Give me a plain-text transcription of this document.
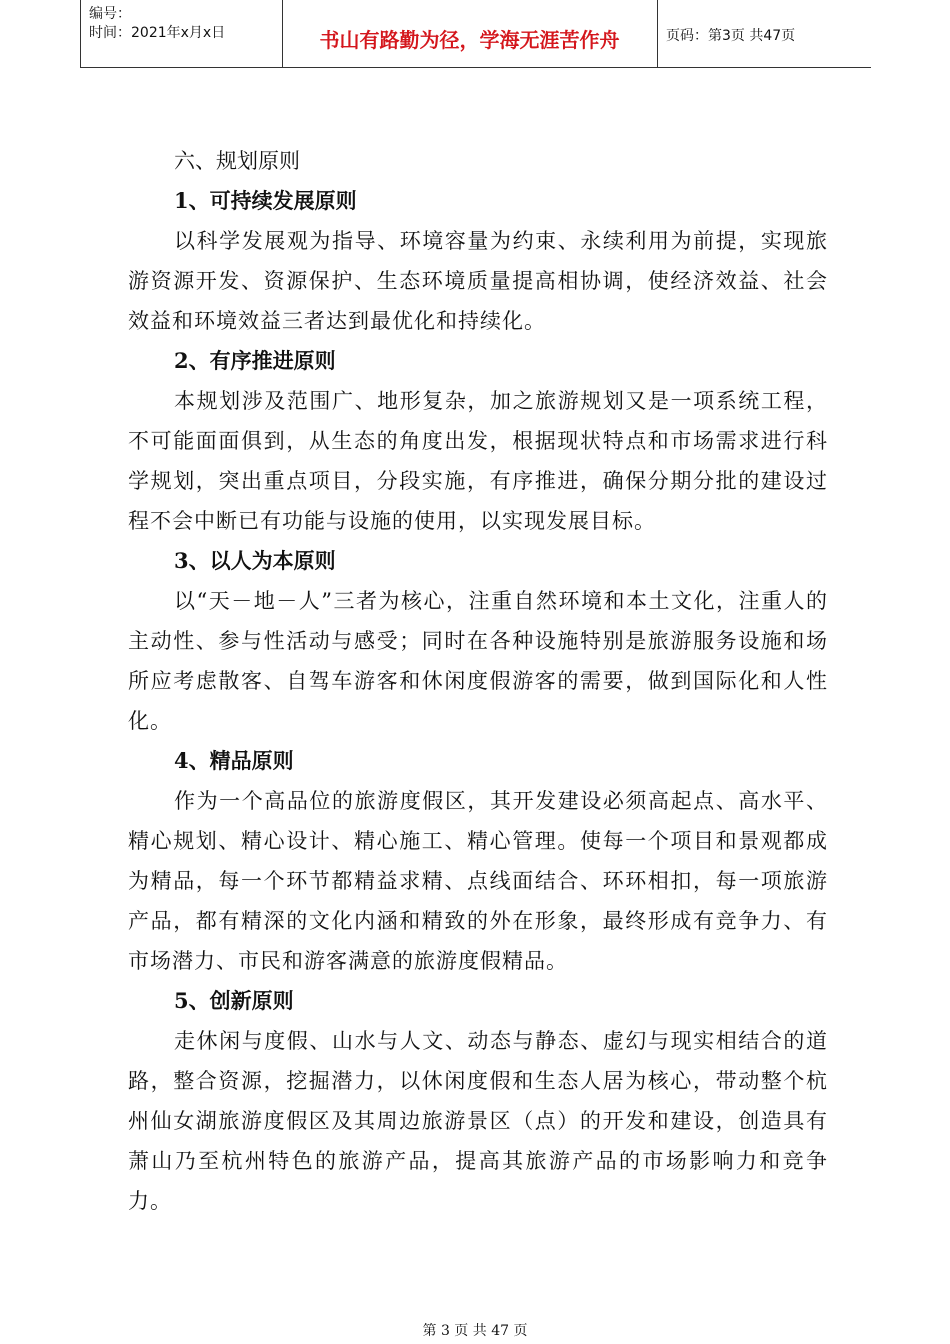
编号：
时间：2021年x月x日	书山有路勤为径，学海无涯苦作舟	页码：第3页 共47页
六、规划原则
1、可持续发展原则
以科学发展观为指导、环境容量为约束、永续利用为前提，实现旅游资源开发、资源保护、生态环境质量提高相协调，使经济效益、社会效益和环境效益三者达到最优化和持续化。
2、有序推进原则
本规划涉及范围广、地形复杂，加之旅游规划又是一项系统工程，不可能面面俱到，从生态的角度出发，根据现状特点和市场需求进行科学规划，突出重点项目，分段实施，有序推进，确保分期分批的建设过程不会中断已有功能与设施的使用，以实现发展目标。
3、以人为本原则
以“天－地－人”三者为核心，注重自然环境和本土文化，注重人的主动性、参与性活动与感受；同时在各种设施特别是旅游服务设施和场所应考虑散客、自驾车游客和休闲度假游客的需要，做到国际化和人性化。
4、精品原则
作为一个高品位的旅游度假区，其开发建设必须高起点、高水平、精心规划、精心设计、精心施工、精心管理。使每一个项目和景观都成为精品，每一个环节都精益求精、点线面结合、环环相扣，每一项旅游产品，都有精深的文化内涵和精致的外在形象，最终形成有竞争力、有市场潜力、市民和游客满意的旅游度假精品。
5、创新原则
走休闲与度假、山水与人文、动态与静态、虚幻与现实相结合的道路，整合资源，挖掘潜力，以休闲度假和生态人居为核心，带动整个杭州仙女湖旅游度假区及其周边旅游景区（点）的开发和建设，创造具有萧山乃至杭州特色的旅游产品，提高其旅游产品的市场影响力和竞争力。
第 3 页 共 47 页
